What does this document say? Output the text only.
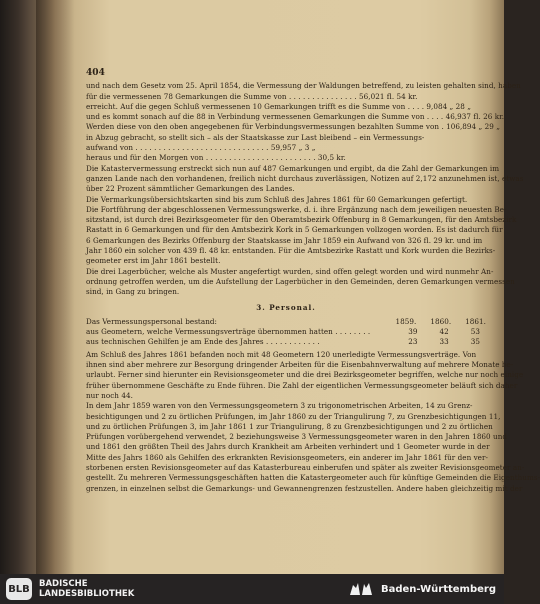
404
und nach dem Gesetz vom 25. April 1854, die Vermessung der Waldungen betreffend, zu leisten gehalten sind, haben
für die vermessenen 78 Gemarkungen die Summe von . . . . . . . . . . . . . . . 56,021 fl. 54 kr.
erreicht. Auf die gegen Schluß vermessenen 10 Gemarkungen trifft es die Summe von . . . . 9,084 „ 28 „
und es kommt sonach auf die 88 in Verbindung vermessenen Gemarkungen die Summe von . . . . 46,937 fl. 26 kr.
Werden diese von den oben angegebenen für Verbindungsvermessungen bezahlten Summe von . 106,894 „ 29 „
in Abzug gebracht, so stellt sich – als der Staatskasse zur Last bleibend – ein Vermessungs-
aufwand von . . . . . . . . . . . . . . . . . . . . . . . . . . . . . 59,957 „ 3 „
heraus und für den Morgen von . . . . . . . . . . . . . . . . . . . . . . . . 30,5 kr.
Die Katastervermessung erstreckt sich nun auf 487 Gemarkungen und ergibt, da die Zahl der Gemarkungen im
ganzen Lande nach den vorhandenen, freilich nicht durchaus zuverlässigen, Notizen auf 2,172 anzunehmen ist, etwas
über 22 Prozent sämmtlicher Gemarkungen des Landes.
Die Vermarkungsübersichtskarten sind bis zum Schluß des Jahres 1861 für 60 Gemarkungen gefertigt.
Die Fortführung der abgeschlossenen Vermessungswerke, d. i. ihre Ergänzung nach dem jeweiligen neuesten Be-
sitzstand, ist durch drei Bezirksgeometer für den Oberamtsbezirk Offenburg in 8 Gemarkungen, für den Amtsbezirk
Rastatt in 6 Gemarkungen und für den Amtsbezirk Kork in 5 Gemarkungen vollzogen worden. Es ist dadurch für
6 Gemarkungen des Bezirks Offenburg der Staatskasse im Jahr 1859 ein Aufwand von 326 fl. 29 kr. und im
Jahr 1860 ein solcher von 439 fl. 48 kr. entstanden. Für die Amtsbezirke Rastatt und Kork wurden die Bezirks-
geometer erst im Jahr 1861 bestellt.
Die drei Lagerbücher, welche als Muster angefertigt wurden, sind offen gelegt worden und wird nunmehr An-
ordnung getroffen werden, um die Aufstellung der Lagerbücher in den Gemeinden, deren Gemarkungen vermessen
sind, in Gang zu bringen.
3. Personal.
Das Vermessungspersonal bestand:	1859. 1860. 1861.
aus Geometern, welche Vermessungsverträge übernommen hatten . . . . . . . .	39	42	53
aus technischen Gehilfen je am Ende des Jahres . . . . . . . . . . . .	23	33	35
Am Schluß des Jahres 1861 befanden noch mit 48 Geometern 120 unerledigte Vermessungsverträge. Von
ihnen sind aber mehrere zur Besorgung dringender Arbeiten für die Eisenbahnverwaltung auf mehrere Monate be-
urlaubt. Ferner sind hierunter ein Revisionsgeometer und die drei Bezirksgeometer begriffen, welche nur noch einige
früher übernommene Geschäfte zu Ende führen. Die Zahl der eigentlichen Vermessungsgeometer beläuft sich daher
nur noch 44.
In dem Jahr 1859 waren von den Vermessungsgeometern 3 zu trigonometrischen Arbeiten, 14 zu Grenz-
besichtigungen und 2 zu örtlichen Prüfungen, im Jahr 1860 zu der Triangulirung 7, zu Grenzbesichtigungen 11,
und zu örtlichen Prüfungen 3, im Jahr 1861 1 zur Triangulirung, 8 zu Grenzbesichtigungen und 2 zu örtlichen
Prüfungen vorübergehend verwendet, 2 beziehungsweise 3 Vermessungsgeometer waren in den Jahren 1860 und
und 1861 den größten Theil des Jahrs durch Krankheit am Arbeiten verhindert und 1 Geometer wurde in der
Mitte des Jahrs 1860 als Gehilfen des erkrankten Revisionsgeometers, ein anderer im Jahr 1861 für den ver-
storbenen ersten Revisionsgeometer auf das Katasterbureau einberufen und später als zweiter Revisionsgeometer an-
gestellt. Zu mehreren Vermessungsgeschäften hatten die Katastergeometer auch für künftige Gemeinden die Eigenthums-
grenzen, in einzelnen selbst die Gemarkungs- und Gewannengrenzen festzustellen. Andere haben gleichzeitig mit der
BLB BADISCHE
LANDESBIBLIOTHEK	Baden-Württemberg
